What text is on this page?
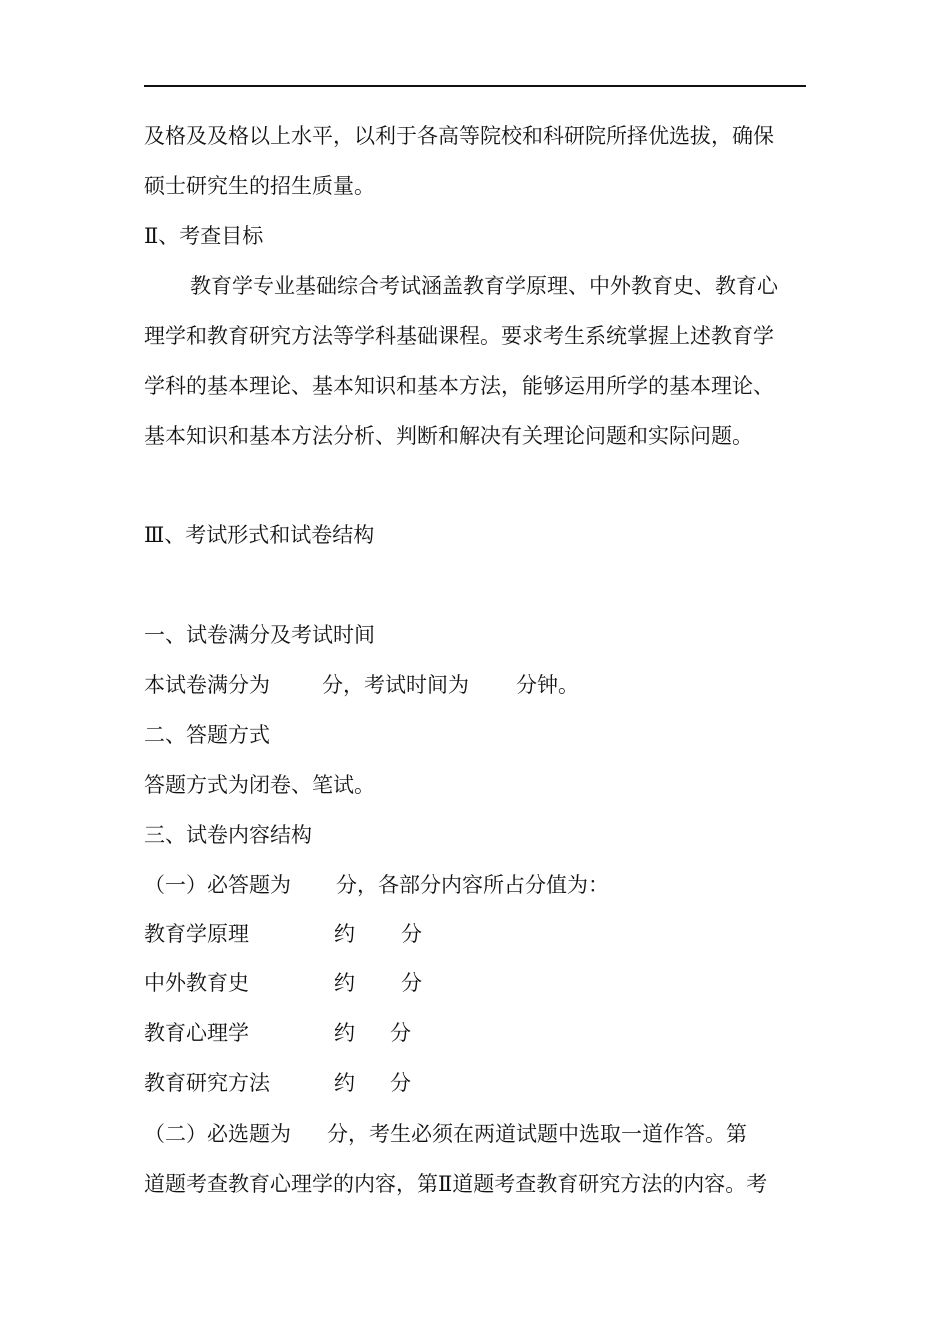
及格及及格以上水平，以利于各高等院校和科研院所择优选拔，确保
硕士研究生的招生质量。
Ⅱ、考查目标
教育学专业基础综合考试涵盖教育学原理、中外教育史、教育心
理学和教育研究方法等学科基础课程。要求考生系统掌握上述教育学
学科的基本理论、基本知识和基本方法，能够运用所学的基本理论、
基本知识和基本方法分析、判断和解决有关理论问题和实际问题。
Ⅲ、考试形式和试卷结构
一、试卷满分及考试时间
本试卷满分为 分，考试时间为 分钟。
二、答题方式
答题方式为闭卷、笔试。
三、试卷内容结构
（一）必答题为 分，各部分内容所占分值为：
教育学原理	约 分
中外教育史	约 分
教育心理学	约 分
教育研究方法	约 分
（二）必选题为 分，考生必须在两道试题中选取一道作答。第
道题考查教育心理学的内容，第Ⅱ道题考查教育研究方法的内容。考
